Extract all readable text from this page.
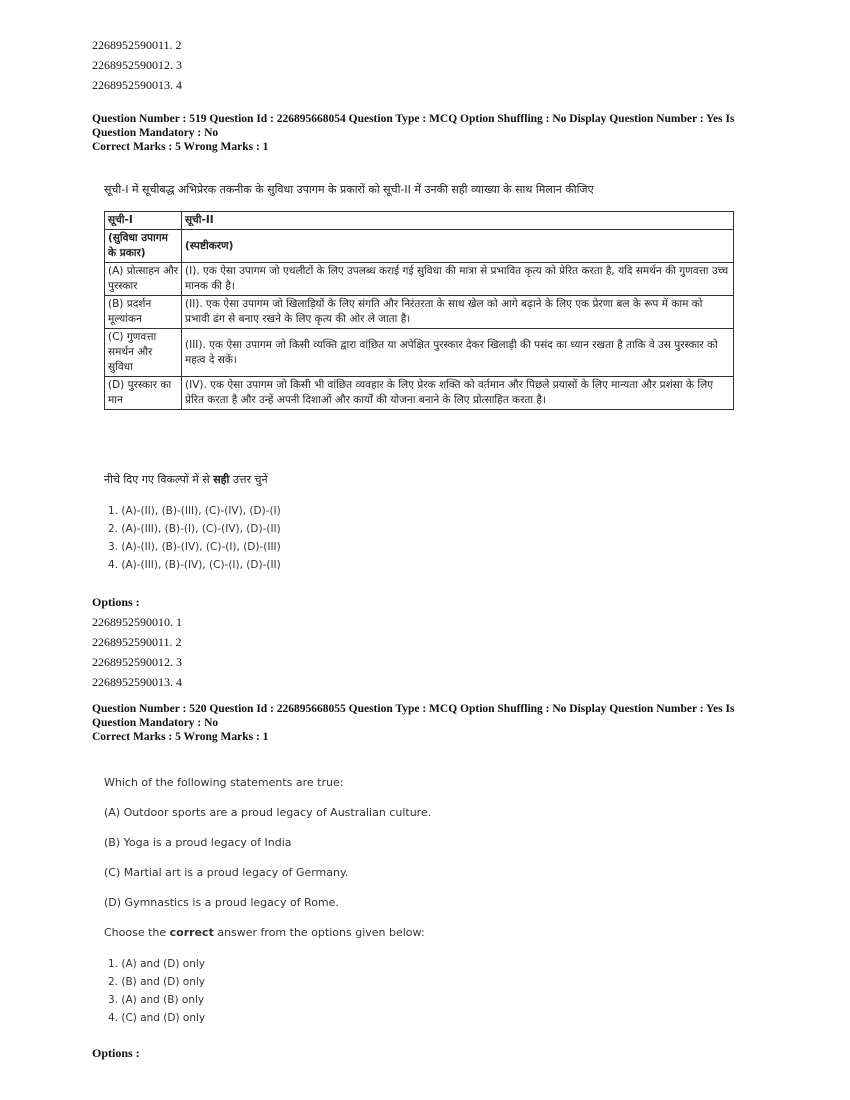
2268952590011. 2
2268952590012. 3
2268952590013. 4
Question Number : 519 Question Id : 226895668054 Question Type : MCQ Option Shuffling : No Display Question Number : Yes Is
Question Mandatory : No
Correct Marks : 5 Wrong Marks : 1
सूची-I में सूचीबद्ध अभिप्रेरक तकनीक के सुविधा उपागम के प्रकारों को सूची-II में उनकी सही व्याख्या के साथ मिलान कीजिए
सूची-I	सूची-II
(सुविधा उपागम के प्रकार)	(स्पष्टीकरण)
(A) प्रोत्साहन और पुरस्कार	(I). एक ऐसा उपागम जो एथलीटों के लिए उपलब्ध कराई गई सुविधा की मात्रा से प्रभावित कृत्य को प्रेरित करता है, यदि समर्थन की गुणवत्ता उच्च मानक की है।
(B) प्रदर्शन मूल्यांकन	(II). एक ऐसा उपागम जो खिलाड़ियों के लिए संगति और निरंतरता के साथ खेल को आगे बढ़ाने के लिए एक प्रेरणा बल के रूप में काम को प्रभावी ढंग से बनाए रखने के लिए कृत्य की ओर ले जाता है।
(C) गुणवत्ता समर्थन और सुविधा	(III). एक ऐसा उपागम जो किसी व्यक्ति द्वारा वांछित या अपेक्षित पुरस्कार देकर खिलाड़ी की पसंद का ध्यान रखता है ताकि वे उस पुरस्कार को महत्व दे सकें।
(D) पुरस्कार का मान	(IV). एक ऐसा उपागम जो किसी भी वांछित व्यवहार के लिए प्रेरक शक्ति को वर्तमान और पिछले प्रयासों के लिए मान्यता और प्रशंसा के लिए प्रेरित करता है और उन्हें अपनी दिशाओं और कार्यों की योजना बनाने के लिए प्रोत्साहित करता है।
नीचे दिए गए विकल्पों में से सही उत्तर चुनें
1. (A)-(II), (B)-(III), (C)-(IV), (D)-(I)
2. (A)-(III), (B)-(I), (C)-(IV), (D)-(II)
3. (A)-(II), (B)-(IV), (C)-(I), (D)-(III)
4. (A)-(III), (B)-(IV), (C)-(I), (D)-(II)
Options :
2268952590010. 1
2268952590011. 2
2268952590012. 3
2268952590013. 4
Question Number : 520 Question Id : 226895668055 Question Type : MCQ Option Shuffling : No Display Question Number : Yes Is
Question Mandatory : No
Correct Marks : 5 Wrong Marks : 1
Which of the following statements are true:
(A) Outdoor sports are a proud legacy of Australian culture.
(B) Yoga is a proud legacy of India
(C) Martial art is a proud legacy of Germany.
(D) Gymnastics is a proud legacy of Rome.
Choose the correct answer from the options given below:
1. (A) and (D) only
2. (B) and (D) only
3. (A) and (B) only
4. (C) and (D) only
Options :
